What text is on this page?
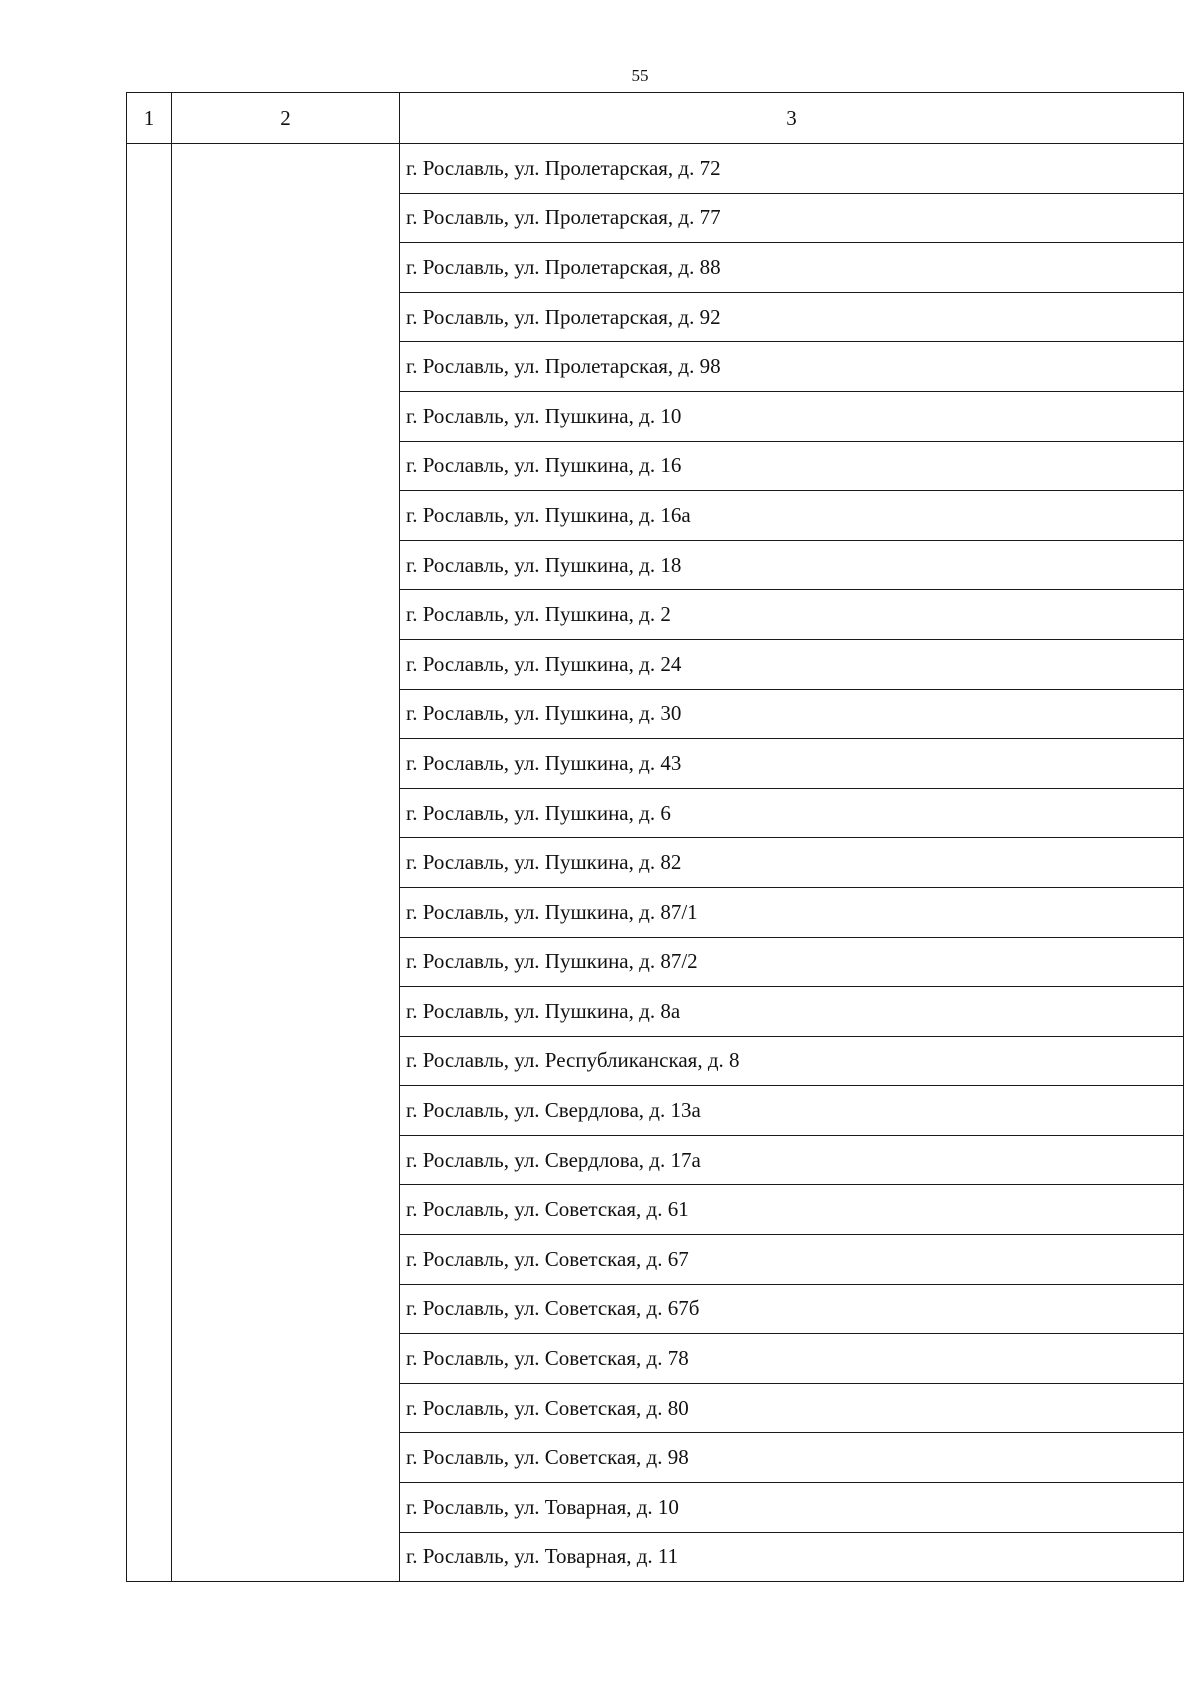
55
1	2	3
		г. Рославль, ул. Пролетарская, д. 72
		г. Рославль, ул. Пролетарская, д. 77
		г. Рославль, ул. Пролетарская, д. 88
		г. Рославль, ул. Пролетарская, д. 92
		г. Рославль, ул. Пролетарская, д. 98
		г. Рославль, ул. Пушкина, д. 10
		г. Рославль, ул. Пушкина, д. 16
		г. Рославль, ул. Пушкина, д. 16а
		г. Рославль, ул. Пушкина, д. 18
		г. Рославль, ул. Пушкина, д. 2
		г. Рославль, ул. Пушкина, д. 24
		г. Рославль, ул. Пушкина, д. 30
		г. Рославль, ул. Пушкина, д. 43
		г. Рославль, ул. Пушкина, д. 6
		г. Рославль, ул. Пушкина, д. 82
		г. Рославль, ул. Пушкина, д. 87/1
		г. Рославль, ул. Пушкина, д. 87/2
		г. Рославль, ул. Пушкина, д. 8а
		г. Рославль, ул. Республиканская, д. 8
		г. Рославль, ул. Свердлова, д. 13а
		г. Рославль, ул. Свердлова, д. 17а
		г. Рославль, ул. Советская, д. 61
		г. Рославль, ул. Советская, д. 67
		г. Рославль, ул. Советская, д. 67б
		г. Рославль, ул. Советская, д. 78
		г. Рославль, ул. Советская, д. 80
		г. Рославль, ул. Советская, д. 98
		г. Рославль, ул. Товарная, д. 10
		г. Рославль, ул. Товарная, д. 11
